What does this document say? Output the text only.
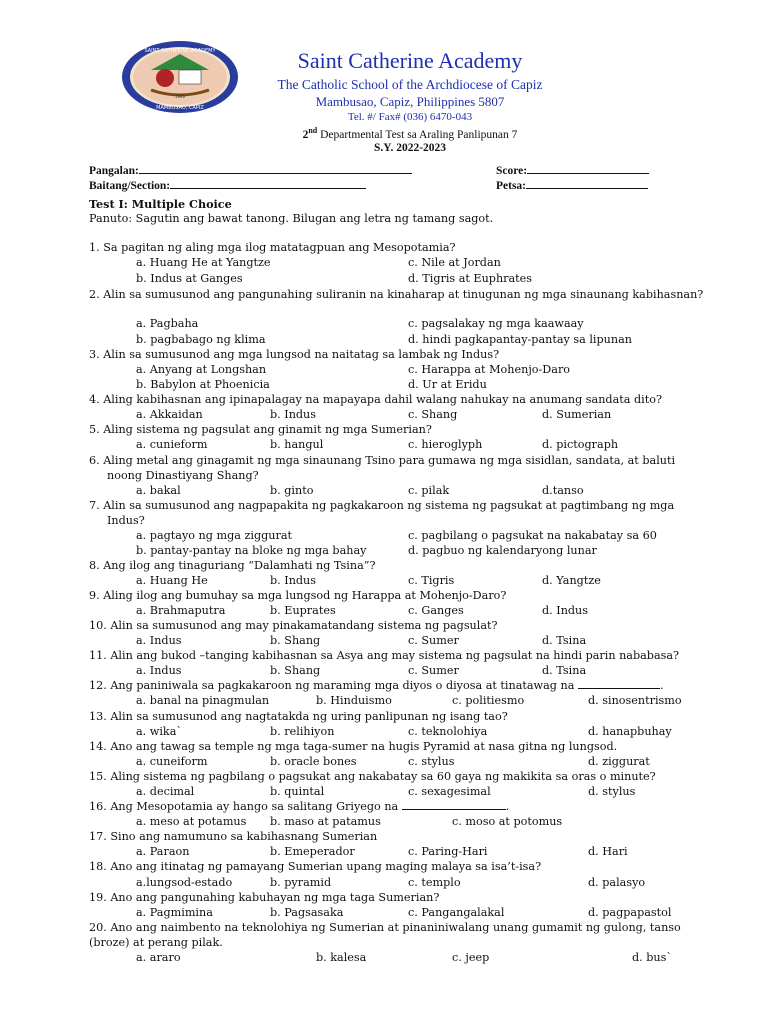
SAINT CATHERINE ACADEMY
MAMBUSAO, CAPIZ
1946
Saint Catherine Academy
The Catholic School of the Archdiocese of Capiz
Mambusao, Capiz, Philippines 5807
Tel. #/ Fax# (036) 6470-043
2nd Departmental Test sa Araling Panlipunan 7
S.Y. 2022-2023
Pangalan:
Baitang/Section:
Score:
Petsa:
Test I: Multiple Choice
Panuto: Sagutin ang bawat tanong. Bilugan ang letra ng tamang sagot.
1. Sa pagitan ng aling mga ilog matatagpuan ang Mesopotamia?
a. Huang He at Yangtze	c. Nile at Jordan
b. Indus at Ganges	d. Tigris at Euphrates
2. Alin sa sumusunod ang pangunahing suliranin na kinaharap at tinugunan ng mga sinaunang kabihasnan?
a. Pagbaha	c. pagsalakay ng mga kaawaay
b. pagbabago ng klima	d. hindi pagkapantay-pantay sa lipunan
3. Alin sa sumusunod ang mga lungsod na naitatag sa lambak ng Indus?
a. Anyang at Longshan	c. Harappa at Mohenjo-Daro
b. Babylon at Phoenicia	d. Ur at Eridu
4. Aling kabihasnan ang ipinapalagay na mapayapa dahil walang nahukay na anumang sandata dito?
a. Akkaidan	b. Indus	c. Shang	d. Sumerian
5. Aling sistema ng pagsulat ang ginamit ng mga Sumerian?
a. cunieform	b. hangul	c. hieroglyph	d. pictograph
6. Aling metal ang ginagamit ng mga sinaunang Tsino para gumawa ng mga sisidlan, sandata, at baluti
noong Dinastiyang Shang?
a. bakal	b. ginto	c. pilak	d.tanso
7. Alin sa sumusunod ang nagpapakita ng pagkakaroon ng sistema ng pagsukat at pagtimbang ng mga
Indus?
a. pagtayo ng mga ziggurat	c. pagbilang o pagsukat na nakabatay sa 60
b. pantay-pantay na bloke ng mga bahay	d. pagbuo ng kalendaryong lunar
8. Ang ilog ang tinaguriang “Dalamhati ng Tsina”?
a. Huang He	b. Indus	c. Tigris	d. Yangtze
9. Aling ilog ang bumuhay sa mga lungsod ng Harappa at Mohenjo-Daro?
a. Brahmaputra	b. Euprates	c. Ganges	d. Indus
10. Alin sa sumusunod ang may pinakamatandang sistema ng pagsulat?
a. Indus	b. Shang	c. Sumer	d. Tsina
11. Alin ang bukod –tanging kabihasnan sa Asya ang may sistema ng pagsulat na hindi parin nababasa?
a. Indus	b. Shang	c. Sumer	d. Tsina
12. Ang paniniwala sa pagkakaroon ng maraming mga diyos o diyosa at tinatawag na	.
a. banal na pinagmulan	b. Hinduismo	c. politiesmo	d. sinosentrismo
13. Alin sa sumusunod ang nagtatakda ng uring panlipunan ng isang tao?
a. wika`	b. relihiyon	c. teknolohiya	d. hanapbuhay
14. Ano ang tawag sa temple ng mga taga-sumer na hugis Pyramid at nasa gitna ng lungsod.
a. cuneiform	b. oracle bones	c. stylus	d. ziggurat
15. Aling sistema ng pagbilang o pagsukat ang nakabatay sa 60 gaya ng makikita sa oras o minute?
a. decimal	b. quintal	c. sexagesimal	d. stylus
16. Ang Mesopotamia ay hango sa salitang Griyego na	.
a. meso at potamus b. maso at patamus	c. moso at potomus
17. Sino ang namumuno sa kabihasnang Sumerian
a. Paraon	b. Emeperador	c. Paring-Hari	d. Hari
18. Ano ang itinatag ng pamayang Sumerian upang maging malaya sa isa’t-isa?
a.lungsod-estado	b. pyramid	c. templo	d. palasyo
19. Ano ang pangunahing kabuhayan ng mga taga Sumerian?
a. Pagmimina	b. Pagsasaka	c. Pangangalakal	d. pagpapastol
20. Ano ang naimbento na teknolohiya ng Sumerian at pinaniniwalang unang gumamit ng gulong, tanso
(broze) at perang pilak.
a. araro	b. kalesa	c. jeep	d. bus`
